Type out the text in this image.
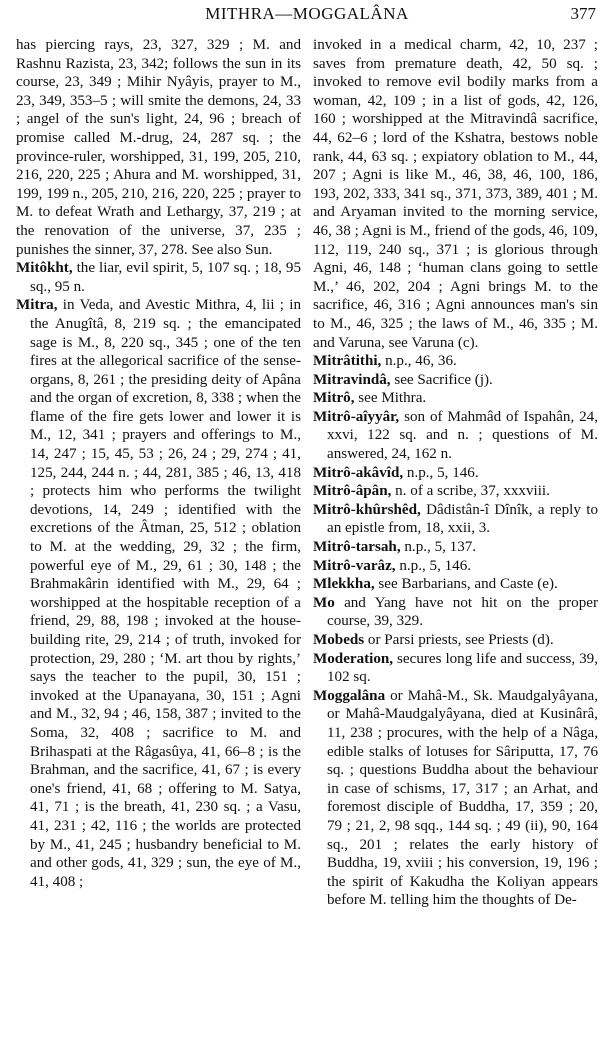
MITHRA—MOGGALÂNA	377

has piercing rays, 23, 327, 329 ; M. and Rashnu Razista, 23, 342; follows the sun in its course, 23, 349 ; Mihir Nyâyis, prayer to M., 23, 349, 353–5 ; will smite the demons, 24, 33 ; angel of the sun's light, 24, 96 ; breach of promise called M.-drug, 24, 287 sq. ; the province-ruler, worshipped, 31, 199, 205, 210, 216, 220, 225 ; Ahura and M. worshipped, 31, 199, 199 n., 205, 210, 216, 220, 225 ; prayer to M. to defeat Wrath and Lethargy, 37, 219 ; at the renovation of the universe, 37, 235 ; punishes the sinner, 37, 278. See also Sun.

Mitôkht, the liar, evil spirit, 5, 107 sq. ; 18, 95 sq., 95 n.

Mitra, in Veda, and Avestic Mithra, 4, lii ; in the Anugîtâ, 8, 219 sq. ; the emancipated sage is M., 8, 220 sq., 345 ; one of the ten fires at the allegorical sacrifice of the sense-organs, 8, 261 ; the presiding deity of Apâna and the organ of excretion, 8, 338 ; when the flame of the fire gets lower and lower it is M., 12, 341 ; prayers and offerings to M., 14, 247 ; 15, 45, 53 ; 26, 24 ; 29, 274 ; 41, 125, 244, 244 n. ; 44, 281, 385 ; 46, 13, 418 ; protects him who performs the twilight devotions, 14, 249 ; identified with the excretions of the Âtman, 25, 512 ; oblation to M. at the wedding, 29, 32 ; the firm, powerful eye of M., 29, 61 ; 30, 148 ; the Brahmakârin identified with M., 29, 64 ; worshipped at the hospitable reception of a friend, 29, 88, 198 ; invoked at the house-building rite, 29, 214 ; of truth, invoked for protection, 29, 280 ; ‘M. art thou by rights,’ says the teacher to the pupil, 30, 151 ; invoked at the Upanayana, 30, 151 ; Agni and M., 32, 94 ; 46, 158, 387 ; invited to the Soma, 32, 408 ; sacrifice to M. and Brihaspati at the Râgasûya, 41, 66–8 ; is the Brahman, and the sacrifice, 41, 67 ; is every one's friend, 41, 68 ; offering to M. Satya, 41, 71 ; is the breath, 41, 230 sq. ; a Vasu, 41, 231 ; 42, 116 ; the worlds are protected by M., 41, 245 ; husbandry beneficial to M. and other gods, 41, 329 ; sun, the eye of M., 41, 408 ;

invoked in a medical charm, 42, 10, 237 ; saves from premature death, 42, 50 sq. ; invoked to remove evil bodily marks from a woman, 42, 109 ; in a list of gods, 42, 126, 160 ; worshipped at the Mitravindâ sacrifice, 44, 62–6 ; lord of the Kshatra, bestows noble rank, 44, 63 sq. ; expiatory oblation to M., 44, 207 ; Agni is like M., 46, 38, 46, 100, 186, 193, 202, 333, 341 sq., 371, 373, 389, 401 ; M. and Aryaman invited to the morning service, 46, 38 ; Agni is M., friend of the gods, 46, 109, 112, 119, 240 sq., 371 ; is glorious through Agni, 46, 148 ; ‘human clans going to settle M.,’ 46, 202, 204 ; Agni brings M. to the sacrifice, 46, 316 ; Agni announces man's sin to M., 46, 325 ; the laws of M., 46, 335 ; M. and Varuna, see Varuna (c).

Mitrâtithi, n.p., 46, 36.

Mitravindâ, see Sacrifice (j).

Mitrô, see Mithra.

Mitrô-aîyyâr, son of Mahmâd of Ispahân, 24, xxvi, 122 sq. and n. ; questions of M. answered, 24, 162 n.

Mitrô-akâvîd, n.p., 5, 146.

Mitrô-âpân, n. of a scribe, 37, xxxviii.

Mitrô-khûrshêd, Dâdistân-î Dînîk, a reply to an epistle from, 18, xxii, 3.

Mitrô-tarsah, n.p., 5, 137.

Mitrô-varâz, n.p., 5, 146.

Mlekkha, see Barbarians, and Caste (e).

Mo and Yang have not hit on the proper course, 39, 329.

Mobeds or Parsi priests, see Priests (d).

Moderation, secures long life and success, 39, 102 sq.

Moggalâna or Mahâ-M., Sk. Maudgalyâyana, or Mahâ-Maudgalyâyana, died at Kusinârâ, 11, 238 ; procures, with the help of a Nâga, edible stalks of lotuses for Sâriputta, 17, 76 sq. ; questions Buddha about the behaviour in case of schisms, 17, 317 ; an Arhat, and foremost disciple of Buddha, 17, 359 ; 20, 79 ; 21, 2, 98 sqq., 144 sq. ; 49 (ii), 90, 164 sq., 201 ; relates the early history of Buddha, 19, xviii ; his conversion, 19, 196 ; the spirit of Kakudha the Koliyan appears before M. telling him the thoughts of De-
